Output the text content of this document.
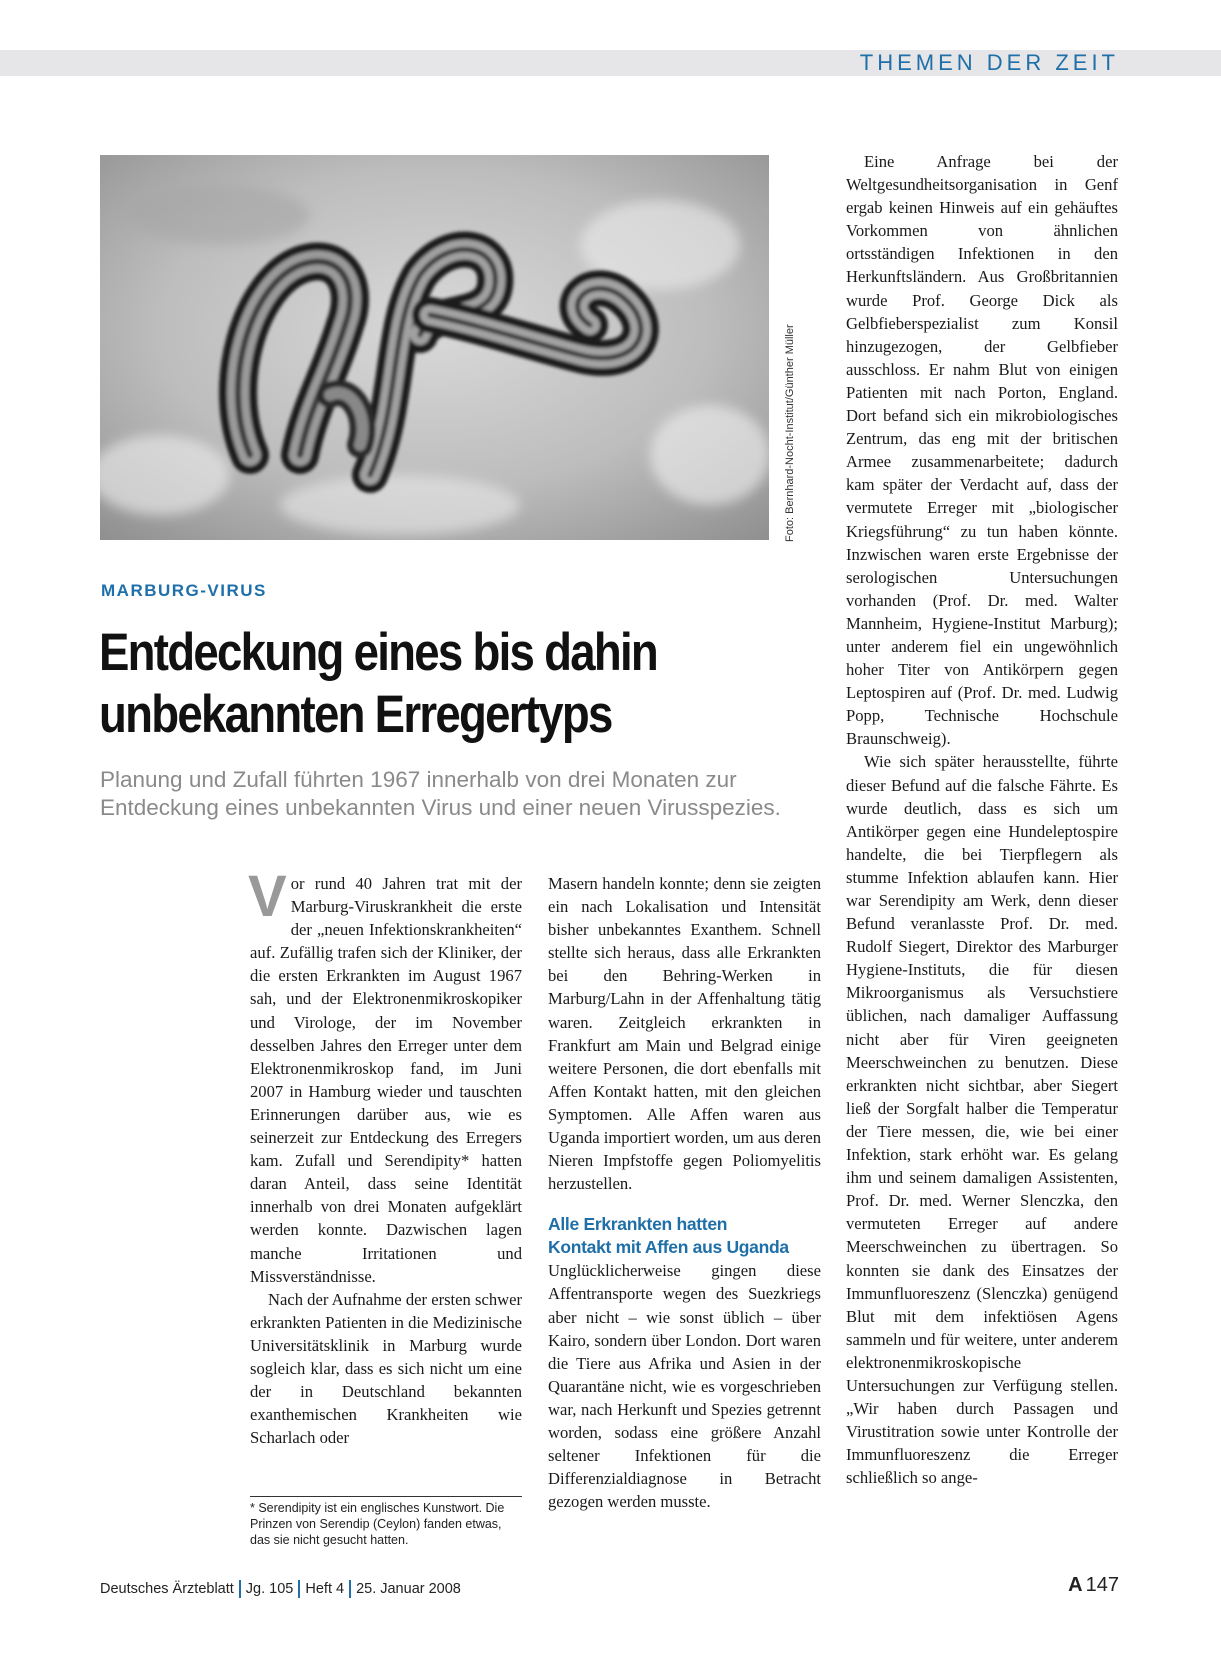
THEMEN DER ZEIT
Foto: Bernhard-Nocht-Institut/Günther Müller
MARBURG-VIRUS
Entdeckung eines bis dahin
unbekannten Erregertyps
Planung und Zufall führten 1967 innerhalb von drei Monaten zur
Entdeckung eines unbekannten Virus und einer neuen Virusspezies.

Vor rund 40 Jahren trat mit der Marburg-Viruskrankheit die erste der „neuen Infektionskrankheiten“ auf. Zufällig trafen sich der Kliniker, der die ersten Erkrankten im August 1967 sah, und der Elektronenmikroskopiker und Virologe, der im November desselben Jahres den Erreger unter dem Elektronenmikroskop fand, im Juni 2007 in Hamburg wieder und tauschten Erinnerungen darüber aus, wie es seinerzeit zur Entdeckung des Erregers kam. Zufall und Serendipity* hatten daran Anteil, dass seine Identität innerhalb von drei Monaten aufgeklärt werden konnte. Dazwischen lagen manche Irritationen und Missverständnisse.

Nach der Aufnahme der ersten schwer erkrankten Patienten in die Medizinische Universitätsklinik in Marburg wurde sogleich klar, dass es sich nicht um eine der in Deutschland bekannten exanthemischen Krankheiten wie Scharlach oder

Masern handeln konnte; denn sie zeigten ein nach Lokalisation und Intensität bisher unbekanntes Exanthem. Schnell stellte sich heraus, dass alle Erkrankten bei den Behring-Werken in Marburg/Lahn in der Affenhaltung tätig waren. Zeitgleich erkrankten in Frankfurt am Main und Belgrad einige weitere Personen, die dort ebenfalls mit Affen Kontakt hatten, mit den gleichen Symptomen. Alle Affen waren aus Uganda importiert worden, um aus deren Nieren Impfstoffe gegen Poliomyelitis herzustellen.

Alle Erkrankten hatten
Kontakt mit Affen aus Uganda

Unglücklicherweise gingen diese Affentransporte wegen des Suezkriegs aber nicht – wie sonst üblich – über Kairo, sondern über London. Dort waren die Tiere aus Afrika und Asien in der Quarantäne nicht, wie es vorgeschrieben war, nach Herkunft und Spezies getrennt worden, sodass eine größere Anzahl seltener Infektionen für die Differenzialdiagnose in Betracht gezogen werden musste.

Eine Anfrage bei der Weltgesundheitsorganisation in Genf ergab keinen Hinweis auf ein gehäuftes Vorkommen von ähnlichen ortsständigen Infektionen in den Herkunftsländern. Aus Großbritannien wurde Prof. George Dick als Gelbfieberspezialist zum Konsil hinzugezogen, der Gelbfieber ausschloss. Er nahm Blut von einigen Patienten mit nach Porton, England. Dort befand sich ein mikrobiologisches Zentrum, das eng mit der britischen Armee zusammenarbeitete; dadurch kam später der Verdacht auf, dass der vermutete Erreger mit „biologischer Kriegsführung“ zu tun haben könnte. Inzwischen waren erste Ergebnisse der serologischen Untersuchungen vorhanden (Prof. Dr. med. Walter Mannheim, Hygiene-Institut Marburg); unter anderem fiel ein ungewöhnlich hoher Titer von Antikörpern gegen Leptospiren auf (Prof. Dr. med. Ludwig Popp, Technische Hochschule Braunschweig).

Wie sich später herausstellte, führte dieser Befund auf die falsche Fährte. Es wurde deutlich, dass es sich um Antikörper gegen eine Hundeleptospire handelte, die bei Tierpflegern als stumme Infektion ablaufen kann. Hier war Serendipity am Werk, denn dieser Befund veranlasste Prof. Dr. med. Rudolf Siegert, Direktor des Marburger Hygiene-Instituts, die für diesen Mikroorganismus als Versuchstiere üblichen, nach damaliger Auffassung nicht aber für Viren geeigneten Meerschweinchen zu benutzen. Diese erkrankten nicht sichtbar, aber Siegert ließ der Sorgfalt halber die Temperatur der Tiere messen, die, wie bei einer Infektion, stark erhöht war. Es gelang ihm und seinem damaligen Assistenten, Prof. Dr. med. Werner Slenczka, den vermuteten Erreger auf andere Meerschweinchen zu übertragen. So konnten sie dank des Einsatzes der Immunfluoreszenz (Slenczka) genügend Blut mit dem infektiösen Agens sammeln und für weitere, unter anderem elektronenmikroskopische Untersuchungen zur Verfügung stellen. „Wir haben durch Passagen und Virustitration sowie unter Kontrolle der Immunfluoreszenz die Erreger schließlich so ange-

* Serendipity ist ein englisches Kunstwort. Die Prinzen von Serendip (Ceylon) fanden etwas, das sie nicht gesucht hatten.
Deutsches Ärzteblatt Jg. 105 Heft 4 25. Januar 2008	A 147
